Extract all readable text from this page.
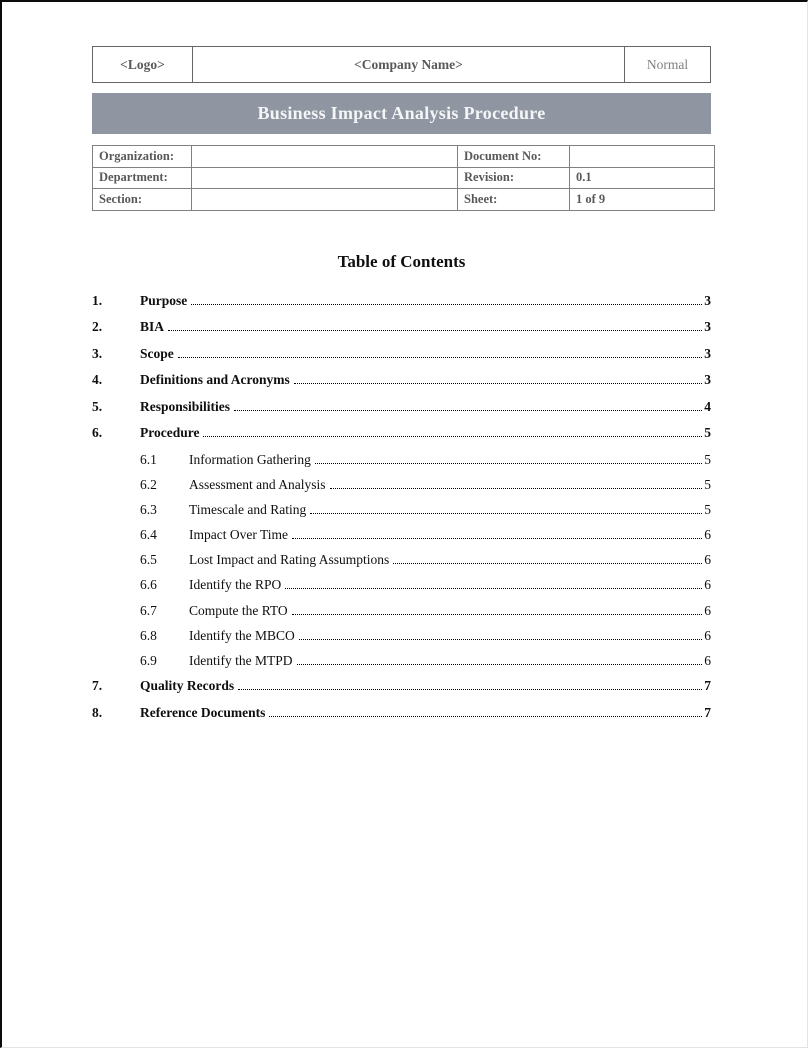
<Logo>	<Company Name>	Normal
Business Impact Analysis Procedure
Organization:		Document No:	
Department:		Revision:	0.1
Section:		Sheet:	1 of 9
Table of Contents
1.	Purpose	3
2.	BIA	3
3.	Scope	3
4.	Definitions and Acronyms	3
5.	Responsibilities	4
6.	Procedure	5
6.1	Information Gathering	5
6.2	Assessment and Analysis	5
6.3	Timescale and Rating	5
6.4	Impact Over Time	6
6.5	Lost Impact and Rating Assumptions	6
6.6	Identify the RPO	6
6.7	Compute the RTO	6
6.8	Identify the MBCO	6
6.9	Identify the MTPD	6
7.	Quality Records	7
8.	Reference Documents	7
